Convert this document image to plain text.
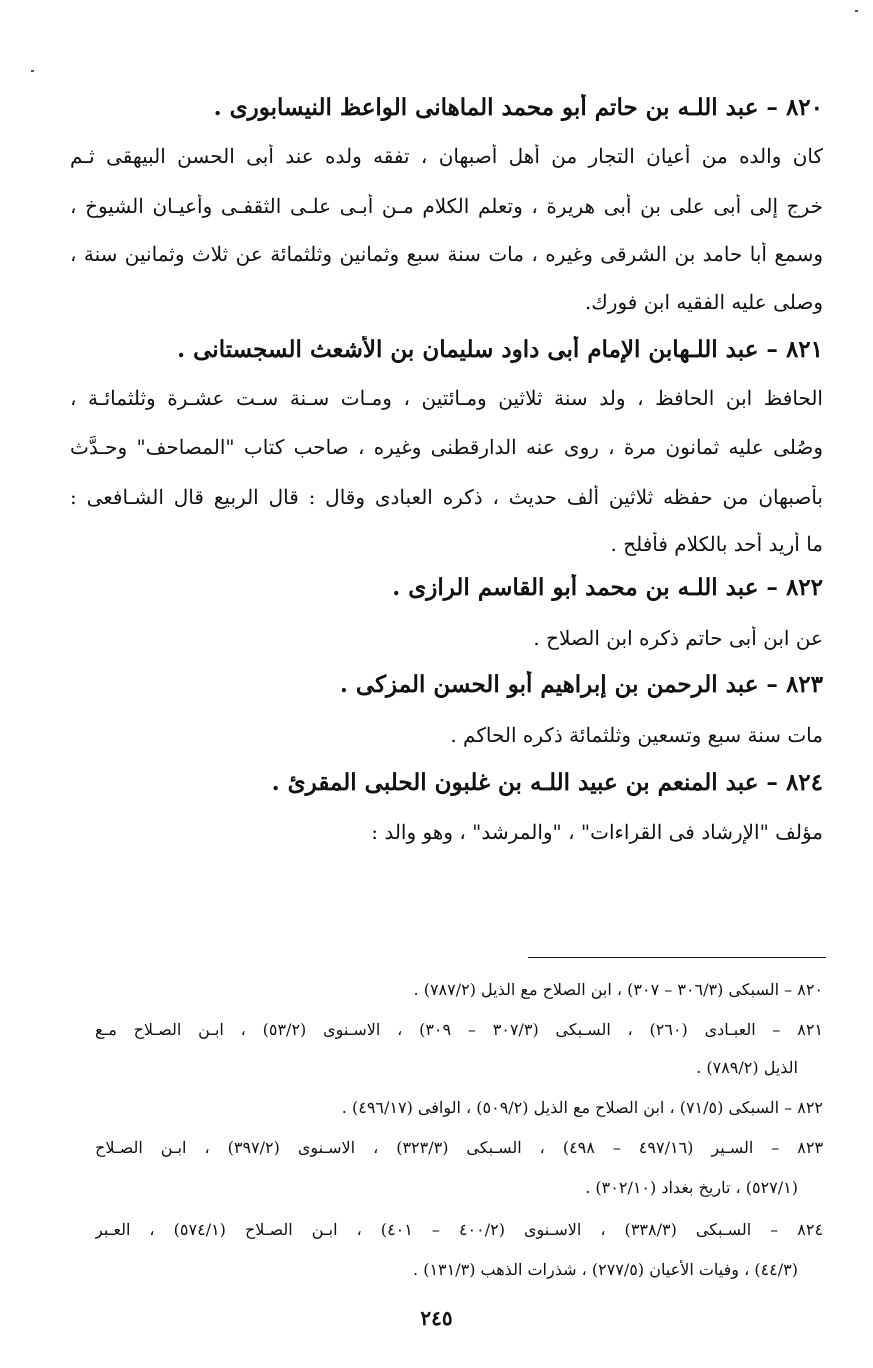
٨٢٠ – عبد اللـه بن حاتم أبو محمد الماهانى الواعظ النيسابورى .
كان والده من أعيان التجار من أهل أصبهان ، تفقه ولده عند أبى الحسن البيهقى ثـم
خرج إلى أبى على بن أبى هريرة ، وتعلم الكلام مـن أبـى علـى الثقفـى وأعيـان الشيوخ ،
وسمع أبا حامد بن الشرقى وغيره ، مات سنة سبع وثمانين وثلثمائة عن ثلاث وثمانين سنة ،
وصلى عليه الفقيه ابن فورك.
٨٢١ – عبد اللـهابن الإمام أبى داود سليمان بن الأشعث السجستانى .
الحافظ ابن الحافظ ، ولد سنة ثلاثين ومـائتين ، ومـات سـنة سـت عشـرة وثلثمائـة ،
وصُلى عليه ثمانون مرة ، روى عنه الدارقطنى وغيره ، صاحب كتاب "المصاحف" وحـدَّث
بأصبهان من حفظه ثلاثين ألف حديث ، ذكره العبادى وقال : قال الربيع قال الشـافعى :
ما أريد أحد بالكلام فأفلح .
٨٢٢ – عبد اللـه بن محمد أبو القاسم الرازى .
عن ابن أبى حاتم ذكره ابن الصلاح .
٨٢٣ – عبد الرحمن بن إبراهيم أبو الحسن المزكى .
مات سنة سبع وتسعين وثلثمائة ذكره الحاكم .
٨٢٤ – عبد المنعم بن عبيد اللـه بن غلبون الحلبى المقرئ .
مؤلف "الإرشاد فى القراءات" ، "والمرشد" ، وهو والد :
٨٢٠ – السبكى (٣٠٦/٣ – ٣٠٧) ، ابن الصلاح مع الذيل (٧٨٧/٢) .
٨٢١ – العبـادى (٢٦٠) ، السـبكى (٣٠٧/٣ – ٣٠٩) ، الاسـنوى (٥٣/٢) ، ابـن الصـلاح مـع
الذيل (٧٨٩/٢) .
٨٢٢ – السبكى (٧١/٥) ، ابن الصلاح مع الذيل (٥٠٩/٢) ، الوافى (٤٩٦/١٧) .
٨٢٣ – السـير (٤٩٧/١٦ – ٤٩٨) ، السـبكى (٣٢٣/٣) ، الاسـنوى (٣٩٧/٢) ، ابـن الصـلاح
(٥٢٧/١) ، تاريخ بغداد (٣٠٢/١٠) .
٨٢٤ – السـبكى (٣٣٨/٣) ، الاسـنوى (٤٠٠/٢ – ٤٠١) ، ابـن الصـلاح (٥٧٤/١) ، العـبر
(٤٤/٣) ، وفيات الأعيان (٢٧٧/٥) ، شذرات الذهب (١٣١/٣) .
٢٤٥
